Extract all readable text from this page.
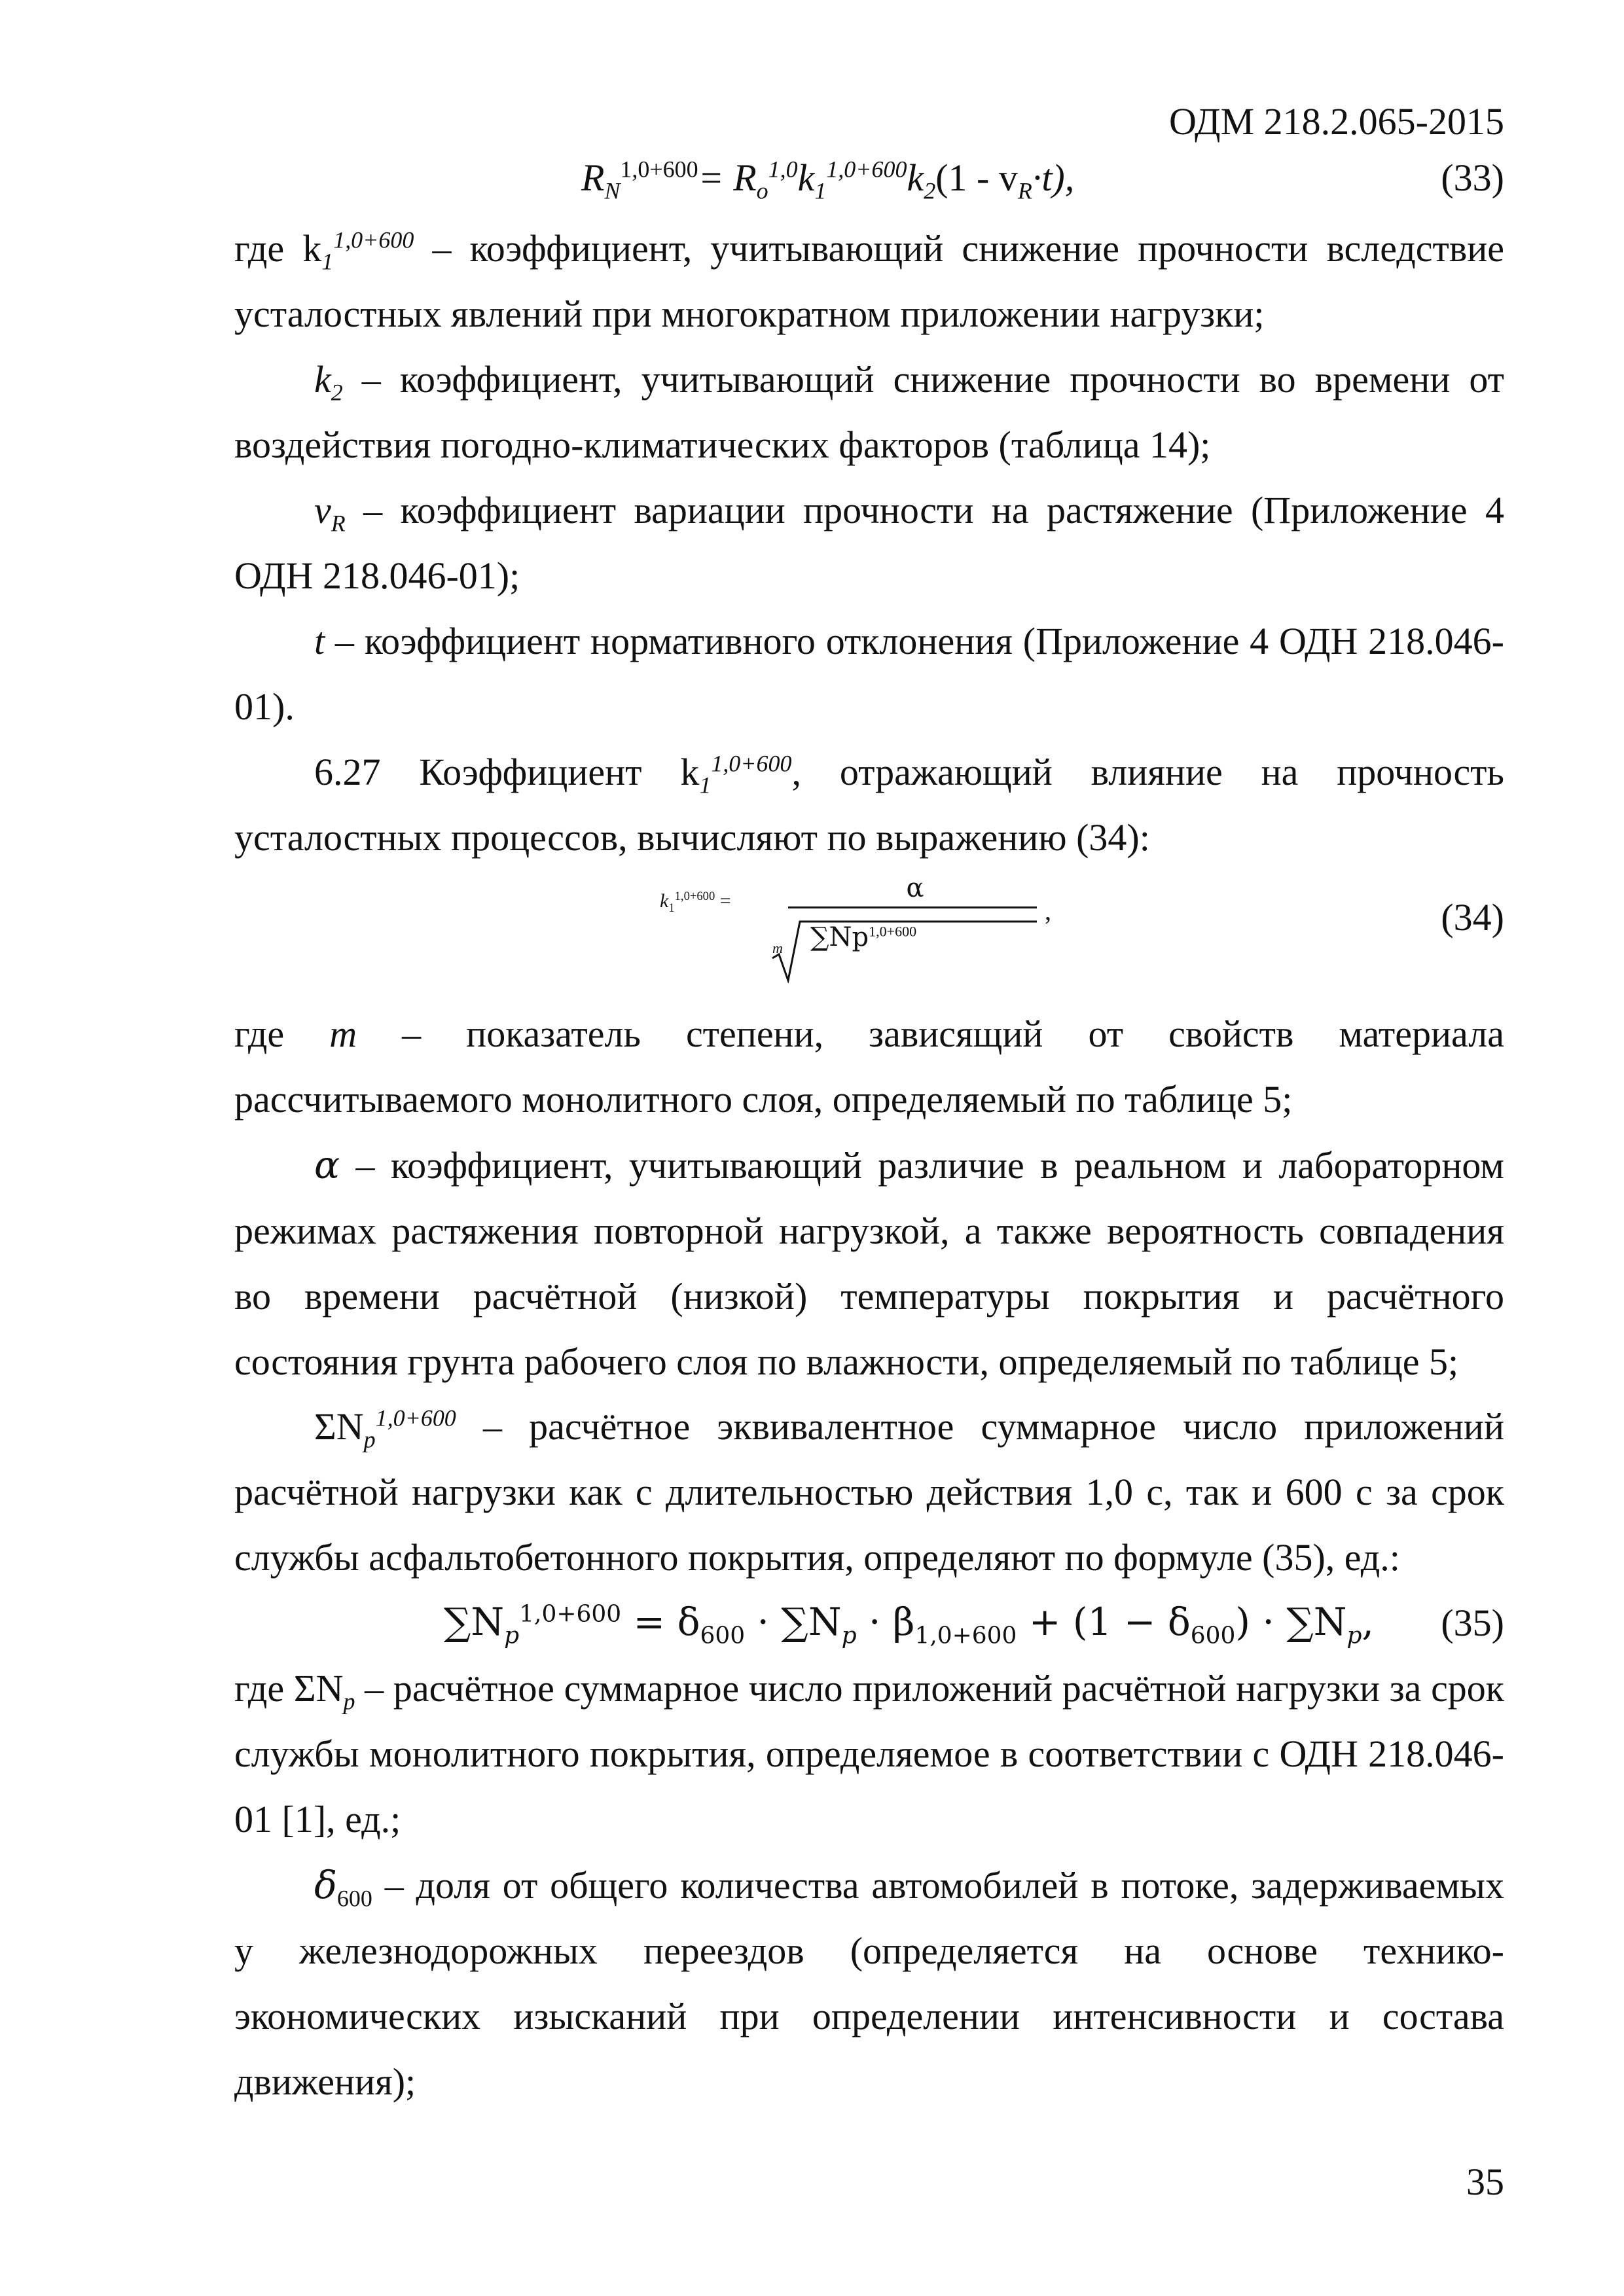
ОДМ 218.2.065-2015
$R_N^{1,0+600}= R_o^{1,0}k_1^{1,0+600}k_2(1 - v_R\cdot t)$,	(33)
где $k_1^{1,0+600}$ – коэффициент, учитывающий снижение прочности вследствие усталостных явлений при многократном приложении нагрузки;
$k_2$ – коэффициент, учитывающий снижение прочности во времени от воздействия погодно-климатических факторов (таблица 14);
$v_R$ – коэффициент вариации прочности на растяжение (Приложение 4 ОДН 218.046-01);
t – коэффициент нормативного отклонения (Приложение 4 ОДН 218.046-01).
6.27 Коэффициент $k_1^{1,0+600}$, отражающий влияние на прочность усталостных процессов, вычисляют по выражению (34):
$k_1^{1,0+600}$ =	α
m $\sum Np^{1,0+600}$
,	(34)
где m – показатель степени, зависящий от свойств материала рассчитываемого монолитного слоя, определяемый по таблице 5;
α – коэффициент, учитывающий различие в реальном и лабораторном режимах растяжения повторной нагрузкой, а также вероятность совпадения во времени расчётной (низкой) температуры покрытия и расчётного состояния грунта рабочего слоя по влажности, определяемый по таблице 5;
$\Sigma N_p^{1,0+600}$ – расчётное эквивалентное суммарное число приложений расчётной нагрузки как с длительностью действия 1,0 с, так и 600 с за срок службы асфальтобетонного покрытия, определяют по формуле (35), ед.:
$\sum N_p^{1,0+600} = \delta_{600} \cdot \sum N_p \cdot \beta_{1,0+600} + (1 - \delta_{600}) \cdot \sum N_p$, (35)
где $\Sigma N_p$ – расчётное суммарное число приложений расчётной нагрузки за срок службы монолитного покрытия, определяемое в соответствии с ОДН 218.046-01 [1], ед.;
$\delta_{600}$ – доля от общего количества автомобилей в потоке, задерживаемых у железнодорожных переездов (определяется на основе технико-экономических изысканий при определении интенсивности и состава движения);
35
